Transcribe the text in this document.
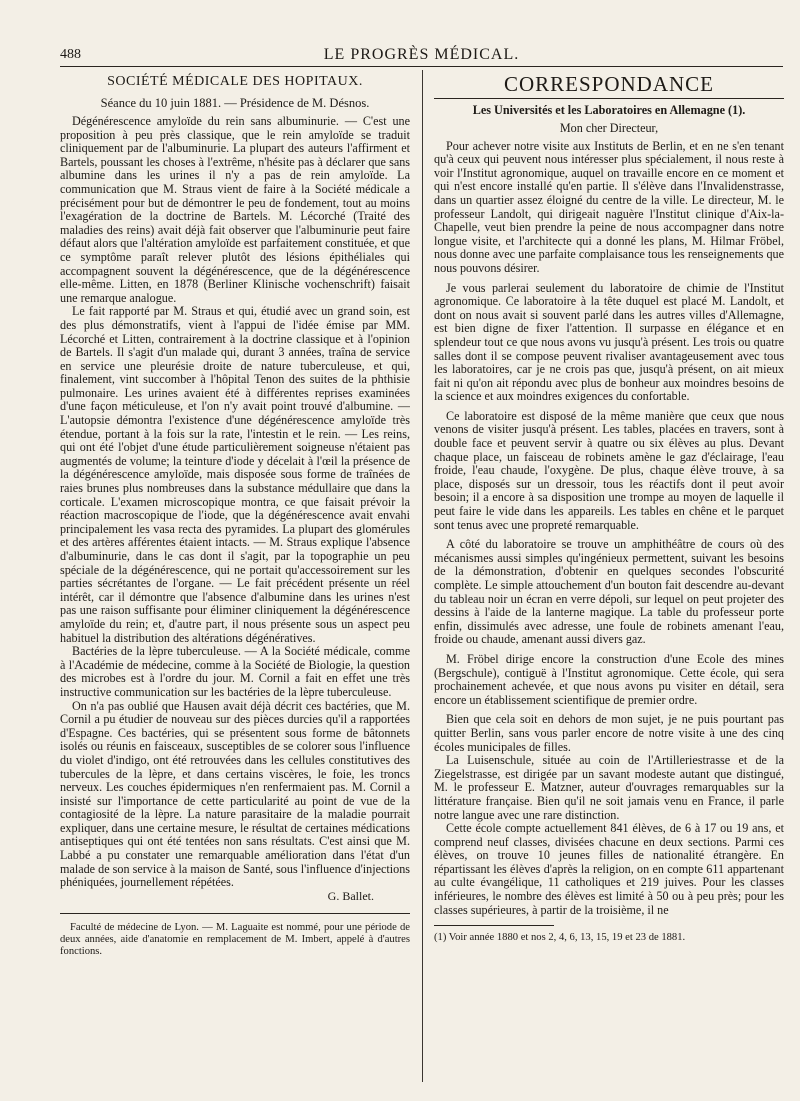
488	LE PROGRÈS MÉDICAL.
SOCIÉTÉ MÉDICALE DES HOPITAUX.
Séance du 10 juin 1881. — Présidence de M. Désnos.

Dégénérescence amyloïde du rein sans albuminurie. — C'est une proposition à peu près classique, que le rein amyloïde se traduit cliniquement par de l'albuminurie. La plupart des auteurs l'affirment et Bartels, poussant les choses à l'extrême, n'hésite pas à déclarer que sans albumine dans les urines il n'y a pas de rein amyloïde. La communication que M. Straus vient de faire à la Société médicale a précisément pour but de démontrer le peu de fondement, tout au moins l'exagération de la doctrine de Bartels. M. Lécorché (Traité des maladies des reins) avait déjà fait observer que l'albuminurie peut faire défaut alors que l'altération amyloïde est parfaitement constituée, et que ce symptôme paraît relever plutôt des lésions épithéliales qui accompagnent souvent la dégénérescence, que de la dégénérescence elle-même. Litten, en 1878 (Berliner Klinische vochenschrift) faisait une remarque analogue.

Le fait rapporté par M. Straus et qui, étudié avec un grand soin, est des plus démonstratifs, vient à l'appui de l'idée émise par MM. Lécorché et Litten, contrairement à la doctrine classique et à l'opinion de Bartels. Il s'agit d'un malade qui, durant 3 années, traîna de service en service une pleurésie droite de nature tuberculeuse, et qui, finalement, vint succomber à l'hôpital Tenon des suites de la phthisie pulmonaire. Les urines avaient été à différentes reprises examinées d'une façon méticuleuse, et l'on n'y avait point trouvé d'albumine. — L'autopsie démontra l'existence d'une dégénérescence amyloïde très étendue, portant à la fois sur la rate, l'intestin et le rein. — Les reins, qui ont été l'objet d'une étude particulièrement soigneuse n'étaient pas augmentés de volume; la teinture d'iode y décelait à l'œil la présence de la dégénérescence amyloïde, mais disposée sous forme de traînées de raies brunes plus nombreuses dans la substance médullaire que dans la corticale. L'examen microscopique montra, ce que faisait prévoir la réaction macroscopique de l'iode, que la dégénérescence avait envahi principalement les vasa recta des pyramides. La plupart des glomérules et des artères afférentes étaient intacts. — M. Straus explique l'absence d'albuminurie, dans le cas dont il s'agit, par la topographie un peu spéciale de la dégénérescence, qui ne portait qu'accessoirement sur les parties sécrétantes de l'organe. — Le fait précédent présente un réel intérêt, car il démontre que l'absence d'albumine dans les urines n'est pas une raison suffisante pour éliminer cliniquement la dégénérescence amyloïde du rein; et, d'autre part, il nous présente sous un aspect peu habituel la distribution des altérations dégénératives.

Bactéries de la lèpre tuberculeuse. — A la Société médicale, comme à l'Académie de médecine, comme à la Société de Biologie, la question des microbes est à l'ordre du jour. M. Cornil a fait en effet une très instructive communication sur les bactéries de la lèpre tuberculeuse.

On n'a pas oublié que Hausen avait déjà décrit ces bactéries, que M. Cornil a pu étudier de nouveau sur des pièces durcies qu'il a rapportées d'Espagne. Ces bactéries, qui se présentent sous forme de bâtonnets isolés ou réunis en faisceaux, susceptibles de se colorer sous l'influence du violet d'indigo, ont été retrouvées dans les cellules constitutives des tubercules de la lèpre, et dans certains viscères, le foie, les troncs nerveux. Les couches épidermiques n'en renfermaient pas. M. Cornil a insisté sur l'importance de cette particularité au point de vue de la contagiosité de la lèpre. La nature parasitaire de la maladie pourrait expliquer, dans une certaine mesure, le résultat de certaines médications antiseptiques qui ont été tentées non sans résultats. C'est ainsi que M. Labbé a pu constater une remarquable amélioration dans l'état d'un malade de son service à la maison de Santé, sous l'influence d'injections phéniquées, journellement répétées.

G. Ballet.

Faculté de médecine de Lyon. — M. Laguaite est nommé, pour une période de deux années, aide d'anatomie en remplacement de M. Imbert, appelé à d'autres fonctions.

CORRESPONDANCE
Les Universités et les Laboratoires en Allemagne (1).

Mon cher Directeur,

Pour achever notre visite aux Instituts de Berlin, et en ne s'en tenant qu'à ceux qui peuvent nous intéresser plus spécialement, il nous reste à voir l'Institut agronomique, auquel on travaille encore en ce moment et qui n'est encore installé qu'en partie. Il s'élève dans l'Invalidenstrasse, dans un quartier assez éloigné du centre de la ville. Le directeur, M. le professeur Landolt, qui dirigeait naguère l'Institut clinique d'Aix-la-Chapelle, veut bien prendre la peine de nous accompagner dans notre longue visite, et l'architecte qui a donné les plans, M. Hilmar Fröbel, nous donne avec une parfaite complaisance tous les renseignements que nous pouvons désirer.

Je vous parlerai seulement du laboratoire de chimie de l'Institut agronomique. Ce laboratoire à la tête duquel est placé M. Landolt, et dont on nous avait si souvent parlé dans les autres villes d'Allemagne, est bien digne de fixer l'attention. Il surpasse en élégance et en splendeur tout ce que nous avons vu jusqu'à présent. Les trois ou quatre salles dont il se compose peuvent rivaliser avantageusement avec tous les laboratoires, car je ne crois pas que, jusqu'à présent, on ait mieux fait ni qu'on ait répondu avec plus de bonheur aux moindres besoins de la science et aux moindres exigences du confortable.

Ce laboratoire est disposé de la même manière que ceux que nous venons de visiter jusqu'à présent. Les tables, placées en travers, sont à double face et peuvent servir à quatre ou six élèves au plus. Devant chaque place, un faisceau de robinets amène le gaz d'éclairage, l'eau froide, l'eau chaude, l'oxygène. De plus, chaque élève trouve, à sa place, disposés sur un dressoir, tous les réactifs dont il peut avoir besoin; il a encore à sa disposition une trompe au moyen de laquelle il peut faire le vide dans les appareils. Les tables en chêne et le parquet sont tenus avec une propreté remarquable.

A côté du laboratoire se trouve un amphithéâtre de cours où des mécanismes aussi simples qu'ingénieux permettent, suivant les besoins de la démonstration, d'obtenir en quelques secondes l'obscurité complète. Le simple attouchement d'un bouton fait descendre au-devant du tableau noir un écran en verre dépoli, sur lequel on peut projeter des dessins à l'aide de la lanterne magique. La table du professeur porte enfin, dissimulés avec adresse, une foule de robinets amenant l'eau, froide ou chaude, amenant aussi divers gaz.

M. Fröbel dirige encore la construction d'une Ecole des mines (Bergschule), contiguë à l'Institut agronomique. Cette école, qui sera prochainement achevée, et que nous avons pu visiter en détail, sera encore un établissement scientifique de premier ordre.

Bien que cela soit en dehors de mon sujet, je ne puis pourtant pas quitter Berlin, sans vous parler encore de notre visite à une des cinq écoles municipales de filles.

La Luisenschule, située au coin de l'Artilleriestrasse et de la Ziegelstrasse, est dirigée par un savant modeste autant que distingué, M. le professeur E. Matzner, auteur d'ouvrages remarquables sur la littérature française. Bien qu'il ne soit jamais venu en France, il parle notre langue avec une rare distinction.

Cette école compte actuellement 841 élèves, de 6 à 17 ou 19 ans, et comprend neuf classes, divisées chacune en deux sections. Parmi ces élèves, on trouve 10 jeunes filles de nationalité étrangère. En répartissant les élèves d'après la religion, on en compte 611 appartenant au culte évangélique, 11 catholiques et 219 juives. Pour les classes inférieures, le nombre des élèves est limité à 50 ou à peu près; pour les classes supérieures, à partir de la troisième, il ne

(1) Voir année 1880 et nos 2, 4, 6, 13, 15, 19 et 23 de 1881.
